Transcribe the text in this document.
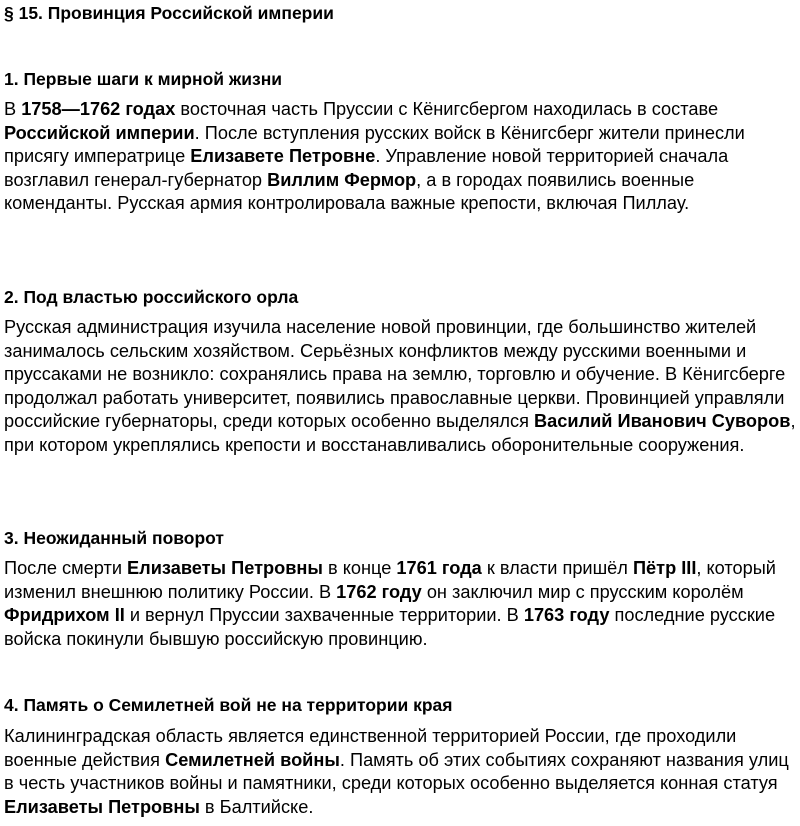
§ 15. Провинция Российской империи
1. Первые шаги к мирной жизни

В 1758—1762 годах восточная часть Пруссии с Кёнигсбергом находилась в составе Российской империи. После вступления русских войск в Кёнигсберг жители принесли присягу императрице Елизавете Петровне. Управление новой территорией сначала возглавил генерал-губернатор Виллим Фермор, а в городах появились военные коменданты. Русская армия контролировала важные крепости, включая Пиллау.

2. Под властью российского орла

Русская администрация изучила население новой провинции, где большинство жителей занималось сельским хозяйством. Серьёзных конфликтов между русскими военными и пруссаками не возникло: сохранялись права на землю, торговлю и обучение. В Кёнигсберге продолжал работать университет, появились православные церкви. Провинцией управляли российские губернаторы, среди которых особенно выделялся Василий Иванович Суворов, при котором укреплялись крепости и восстанавливались оборонительные сооружения.

3. Неожиданный поворот

После смерти Елизаветы Петровны в конце 1761 года к власти пришёл Пётр III, который изменил внешнюю политику России. В 1762 году он заключил мир с прусским королём Фридрихом II и вернул Пруссии захваченные территории. В 1763 году последние русские войска покинули бывшую российскую провинцию.

4. Память о Семилетней вой не на территории края

Калининградская область является единственной территорией России, где проходили военные действия Семилетней войны. Память об этих событиях сохраняют названия улиц в честь участников войны и памятники, среди которых особенно выделяется конная статуя Елизаветы Петровны в Балтийске.
